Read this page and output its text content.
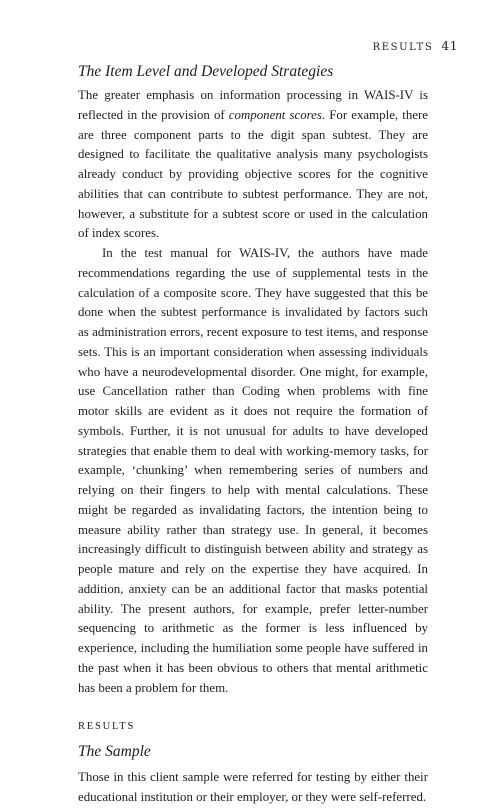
RESULTS 41
The Item Level and Developed Strategies

The greater emphasis on information processing in WAIS-IV is reflected in the provision of component scores. For example, there are three component parts to the digit span subtest. They are designed to facilitate the qualitative analysis many psychologists already conduct by providing objective scores for the cognitive abilities that can contribute to subtest performance. They are not, however, a substitute for a subtest score or used in the calculation of index scores.

In the test manual for WAIS-IV, the authors have made recommendations regarding the use of supplemental tests in the calculation of a composite score. They have suggested that this be done when the subtest performance is invalidated by factors such as administration errors, recent exposure to test items, and response sets. This is an important consideration when assessing individuals who have a neurodevelopmental disorder. One might, for example, use Cancellation rather than Coding when problems with fine motor skills are evident as it does not require the formation of symbols. Further, it is not unusual for adults to have developed strategies that enable them to deal with working-memory tasks, for example, ‘chunking’ when remembering series of numbers and relying on their fingers to help with mental calculations. These might be regarded as invalidating factors, the intention being to measure ability rather than strategy use. In general, it becomes increasingly difficult to distinguish between ability and strategy as people mature and rely on the expertise they have acquired. In addition, anxiety can be an additional factor that masks potential ability. The present authors, for example, prefer letter-number sequencing to arithmetic as the former is less influenced by experience, including the humiliation some people have suffered in the past when it has been obvious to others that mental arithmetic has been a problem for them.

RESULTS
The Sample

Those in this client sample were referred for testing by either their educational institution or their employer, or they were self-referred.
